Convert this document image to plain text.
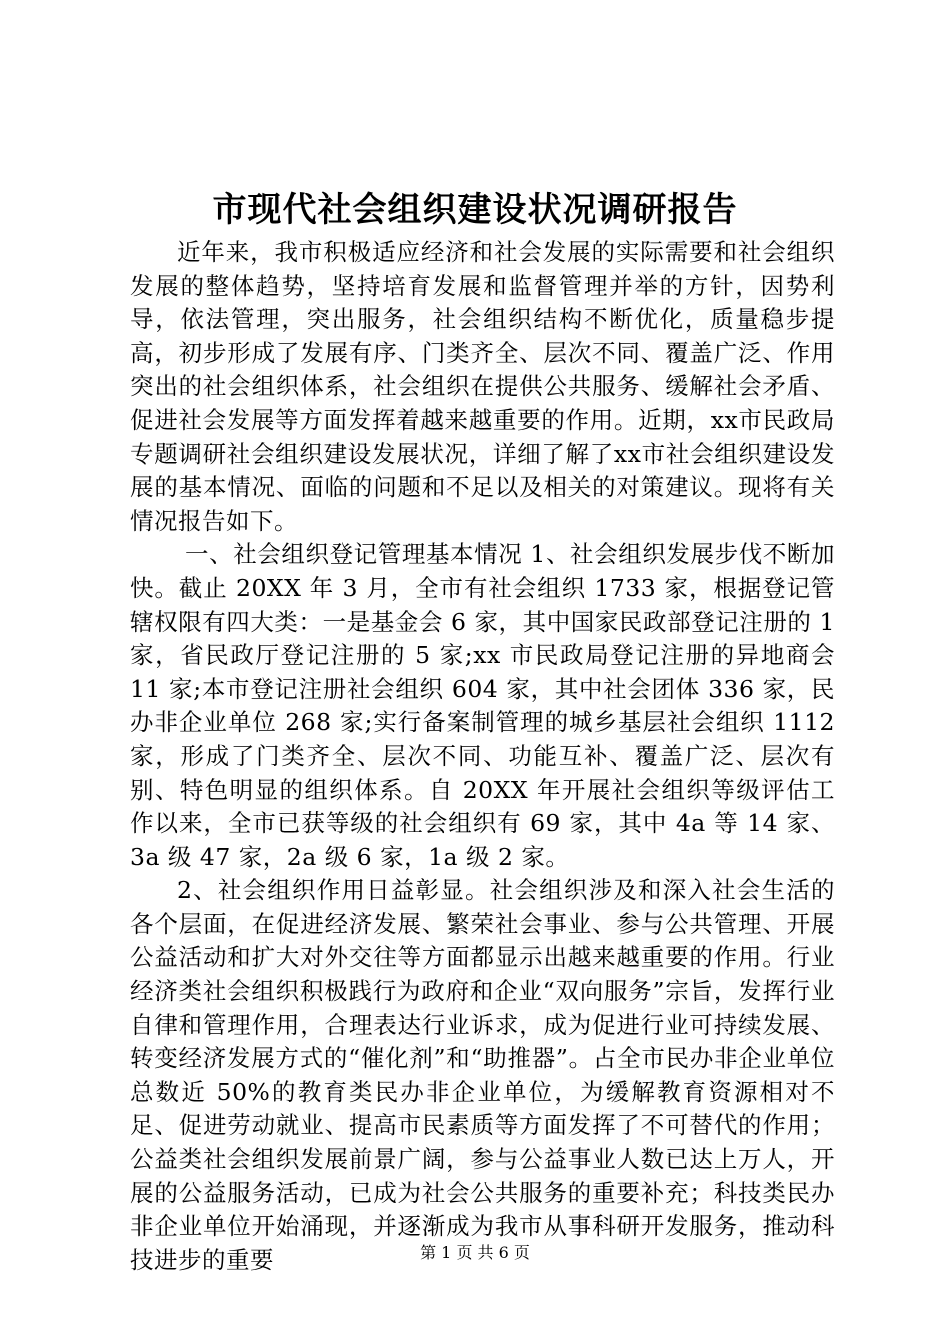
市现代社会组织建设状况调研报告

近年来，我市积极适应经济和社会发展的实际需要和社会组织发展的整体趋势，坚持培育发展和监督管理并举的方针，因势利导，依法管理，突出服务，社会组织结构不断优化，质量稳步提高，初步形成了发展有序、门类齐全、层次不同、覆盖广泛、作用突出的社会组织体系，社会组织在提供公共服务、缓解社会矛盾、促进社会发展等方面发挥着越来越重要的作用。近期，xx市民政局专题调研社会组织建设发展状况，详细了解了xx市社会组织建设发展的基本情况、面临的问题和不足以及相关的对策建议。现将有关情况报告如下。

一、社会组织登记管理基本情况 1、社会组织发展步伐不断加快。截止 20XX 年 3 月，全市有社会组织 1733 家，根据登记管辖权限有四大类：一是基金会 6 家，其中国家民政部登记注册的 1 家，省民政厅登记注册的 5 家;xx 市民政局登记注册的异地商会 11 家;本市登记注册社会组织 604 家，其中社会团体 336 家，民办非企业单位 268 家;实行备案制管理的城乡基层社会组织 1112 家，形成了门类齐全、层次不同、功能互补、覆盖广泛、层次有别、特色明显的组织体系。自 20XX 年开展社会组织等级评估工作以来，全市已获等级的社会组织有 69 家，其中 4a 等 14 家、3a 级 47 家，2a 级 6 家，1a 级 2 家。

2、社会组织作用日益彰显。社会组织涉及和深入社会生活的各个层面，在促进经济发展、繁荣社会事业、参与公共管理、开展公益活动和扩大对外交往等方面都显示出越来越重要的作用。行业经济类社会组织积极践行为政府和企业“双向服务”宗旨，发挥行业自律和管理作用，合理表达行业诉求，成为促进行业可持续发展、转变经济发展方式的“催化剂”和“助推器”。占全市民办非企业单位总数近 50%的教育类民办非企业单位，为缓解教育资源相对不足、促进劳动就业、提高市民素质等方面发挥了不可替代的作用；公益类社会组织发展前景广阔，参与公益事业人数已达上万人，开展的公益服务活动，已成为社会公共服务的重要补充；科技类民办非企业单位开始涌现，并逐渐成为我市从事科研开发服务，推动科技进步的重要	第 1 页 共 6 页
